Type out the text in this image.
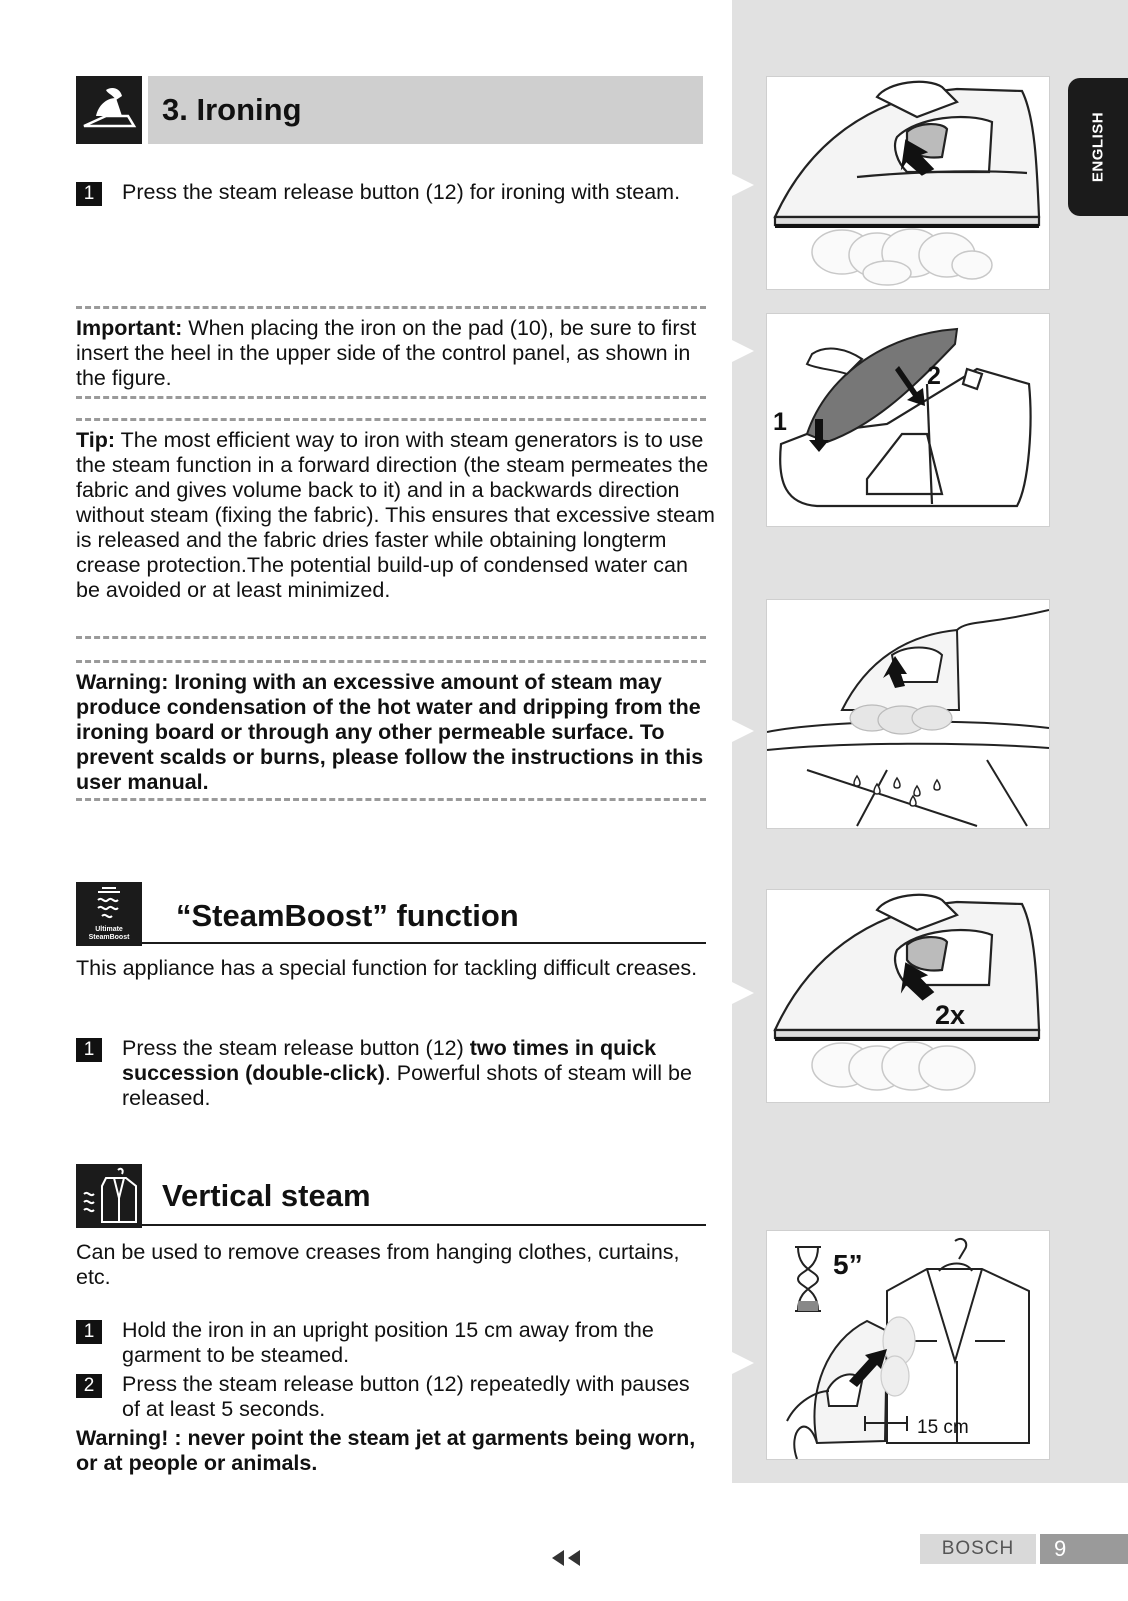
ENGLISH
1
2
2x
5”
15 cm
3. Ironing
1	Press the steam release button (12) for ironing with steam.
Important: When placing the iron on the pad (10), be sure to first insert the heel in the upper side of the control panel, as shown in the figure.
Tip: The most efficient way to iron with steam generators is to use the steam function in a forward direction (the steam permeates the fabric and gives volume back to it) and in a backwards direction without steam (fixing the fabric). This ensures that excessive steam is released and the fabric dries faster while obtaining longterm crease protection.The potential build-up of condensed water can be avoided or at least minimized.
Warning: Ironing with an excessive amount of steam may produce condensation of the hot water and dripping from the ironing board or through any other permeable surface. To prevent scalds or burns, please follow the instructions in this user manual.
Ultimate
SteamBoost
“SteamBoost” function
This appliance has a special function for tackling difficult creases.
1	Press the steam release button (12) two times in quick succession (double-click). Powerful shots of steam will be released.
Vertical steam
Can be used to remove creases from hanging clothes, curtains, etc.
1	Hold the iron in an upright position 15 cm away from the garment to be steamed.
2	Press the steam release button (12) repeatedly with pauses of at least 5 seconds.
Warning! : never point the steam jet at garments being worn, or at people or animals.
BOSCH	9
